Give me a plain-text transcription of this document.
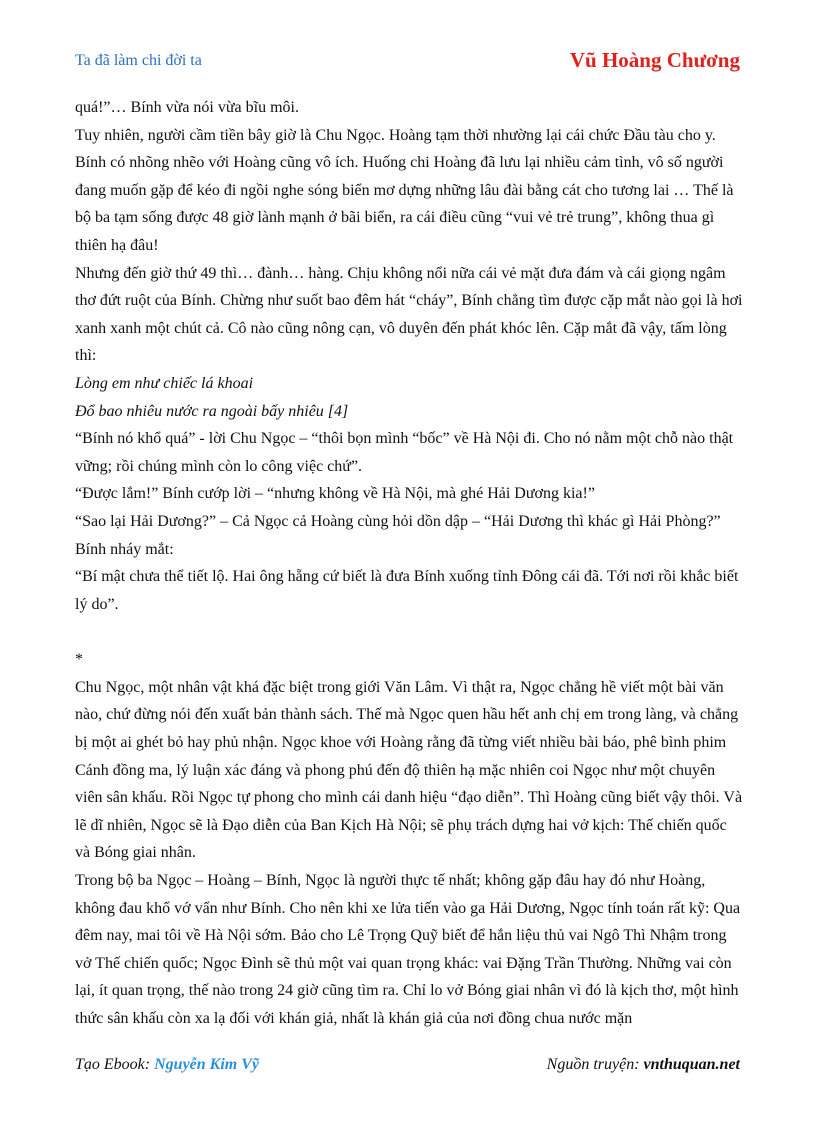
Ta đã làm chi đời ta	Vũ Hoàng Chương

quá!”… Bính vừa nói vừa bĩu môi.

Tuy nhiên, người cầm tiền bây giờ là Chu Ngọc. Hoàng tạm thời nhường lại cái chức Đầu tàu cho y. Bính có nhõng nhẽo với Hoàng cũng vô ích. Huống chi Hoàng đã lưu lại nhiều cảm tình, vô số người đang muốn gặp để kéo đi ngồi nghe sóng biển mơ dựng những lâu đài bằng cát cho tương lai … Thế là bộ ba tạm sống được 48 giờ lành mạnh ở bãi biển, ra cái điều cũng “vui vẻ trẻ trung”, không thua gì thiên hạ đâu!

Nhưng đến giờ thứ 49 thì… đành… hàng. Chịu không nổi nữa cái vẻ mặt đưa đám và cái giọng ngâm thơ đứt ruột của Bính. Chừng như suốt bao đêm hát “cháy”, Bính chẳng tìm được cặp mắt nào gọi là hơi xanh xanh một chút cả. Cô nào cũng nông cạn, vô duyên đến phát khóc lên. Cặp mắt đã vậy, tấm lòng thì:

Lòng em như chiếc lá khoai

Đổ bao nhiêu nước ra ngoài bấy nhiêu [4]

“Bính nó khổ quá” - lời Chu Ngọc – “thôi bọn mình “bốc” về Hà Nội đi. Cho nó nằm một chỗ nào thật vững; rồi chúng mình còn lo công việc chứ”.

“Được lắm!” Bính cướp lời – “nhưng không về Hà Nội, mà ghé Hải Dương kia!”

“Sao lại Hải Dương?” – Cả Ngọc cả Hoàng cùng hỏi dồn dập – “Hải Dương thì khác gì Hải Phòng?” Bính nháy mắt:

“Bí mật chưa thể tiết lộ. Hai ông hẵng cứ biết là đưa Bính xuống tỉnh Đông cái đã. Tới nơi rồi khắc biết lý do”.

*

Chu Ngọc, một nhân vật khá đặc biệt trong giới Văn Lâm. Vì thật ra, Ngọc chẳng hề viết một bài văn nào, chứ đừng nói đến xuất bản thành sách. Thế mà Ngọc quen hầu hết anh chị em trong làng, và chẳng bị một ai ghét bỏ hay phủ nhận. Ngọc khoe với Hoàng rằng đã từng viết nhiều bài báo, phê bình phim Cánh đồng ma, lý luận xác đáng và phong phú đến độ thiên hạ mặc nhiên coi Ngọc như một chuyên viên sân khấu. Rồi Ngọc tự phong cho mình cái danh hiệu “đạo diễn”. Thì Hoàng cũng biết vậy thôi. Và lẽ dĩ nhiên, Ngọc sẽ là Đạo diễn của Ban Kịch Hà Nội; sẽ phụ trách dựng hai vở kịch: Thế chiến quốc và Bóng giai nhân.

Trong bộ ba Ngọc – Hoàng – Bính, Ngọc là người thực tế nhất; không gặp đâu hay đó như Hoàng, không đau khổ vớ vẩn như Bính. Cho nên khi xe lửa tiến vào ga Hải Dương, Ngọc tính toán rất kỹ: Qua đêm nay, mai tôi về Hà Nội sớm. Bảo cho Lê Trọng Quỹ biết để hắn liệu thủ vai Ngô Thì Nhậm trong vở Thế chiến quốc; Ngọc Đình sẽ thủ một vai quan trọng khác: vai Đặng Trần Thường. Những vai còn lại, ít quan trọng, thế nào trong 24 giờ cũng tìm ra. Chỉ lo vở Bóng giai nhân vì đó là kịch thơ, một hình thức sân khấu còn xa lạ đối với khán giả, nhất là khán giả của nơi đồng chua nước mặn

Tạo Ebook: Nguyễn Kim Vỹ	Nguồn truyện: vnthuquan.net
